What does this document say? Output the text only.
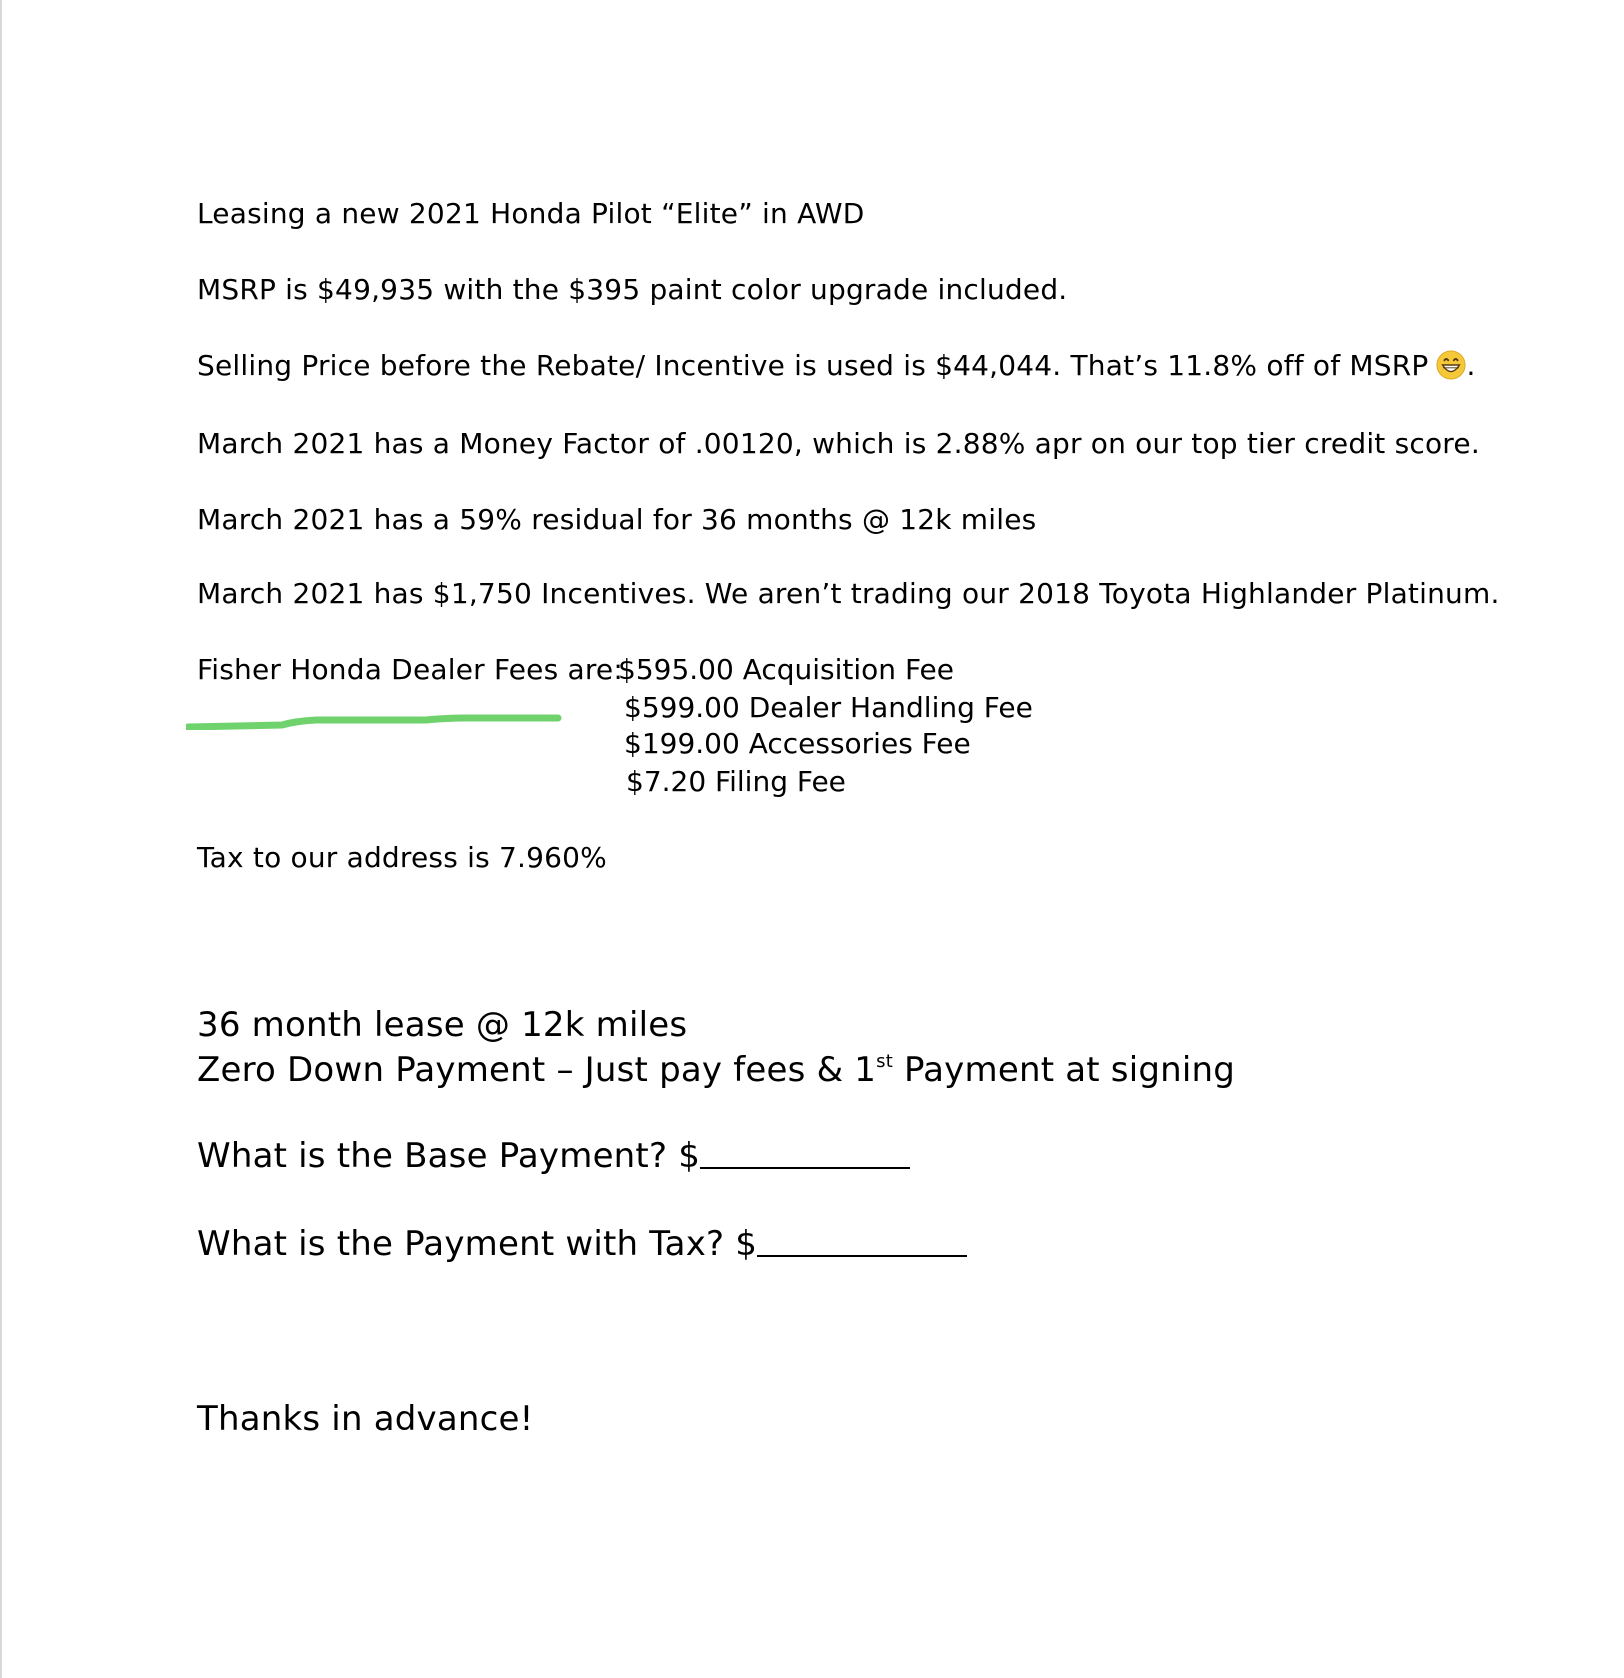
Leasing a new 2021 Honda Pilot “Elite” in AWD
MSRP is $49,935 with the $395 paint color upgrade included.
Selling Price before the Rebate/ Incentive is used is $44,044. That’s 11.8% off of MSRP .
March 2021 has a Money Factor of .00120, which is 2.88% apr on our top tier credit score.
March 2021 has a 59% residual for 36 months @ 12k miles
March 2021 has $1,750 Incentives. We aren’t trading our 2018 Toyota Highlander Platinum.
Fisher Honda Dealer Fees are:
$595.00 Acquisition Fee
$599.00 Dealer Handling Fee
$199.00 Accessories Fee
$7.20 Filing Fee
Tax to our address is 7.960%
36 month lease @ 12k miles
Zero Down Payment – Just pay fees & 1st Payment at signing
What is the Base Payment? $
What is the Payment with Tax? $
Thanks in advance!
